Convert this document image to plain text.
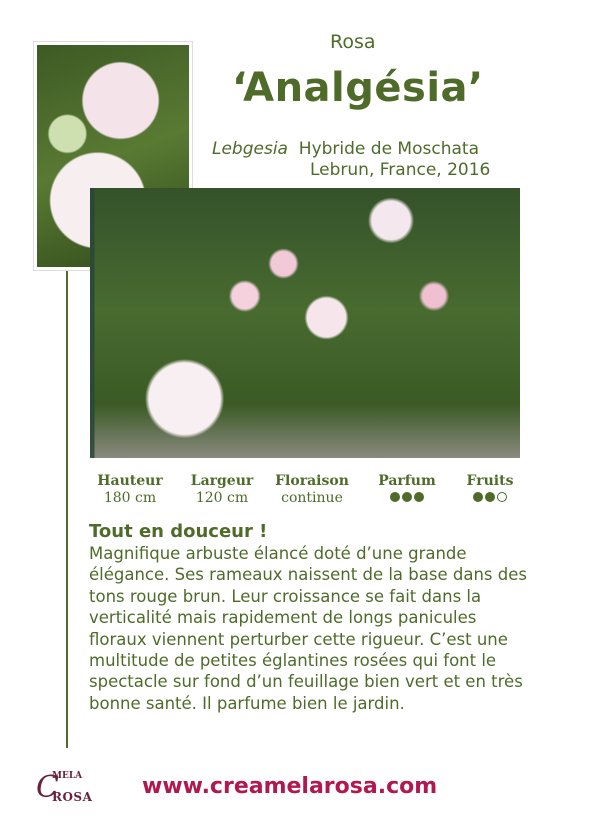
Rosa
‘Analgésia’
Lebgesia Hybride de Moschata
Lebrun, France, 2016
Hauteur
180 cm
Largeur
120 cm
Floraison
continue
Parfum	Fruits
Tout en douceur !
Magnifique arbuste élancé doté d’une grande élégance. Ses rameaux naissent de la base dans des tons rouge brun. Leur croissance se fait dans la verticalité mais rapidement de longs panicules floraux viennent perturber cette rigueur. C’est une multitude de petites églantines rosées qui font le spectacle sur fond d’un feuillage bien vert et en très bonne santé. Il parfume bien le jardin.
C
MELA
ROSA www.creamelarosa.com
